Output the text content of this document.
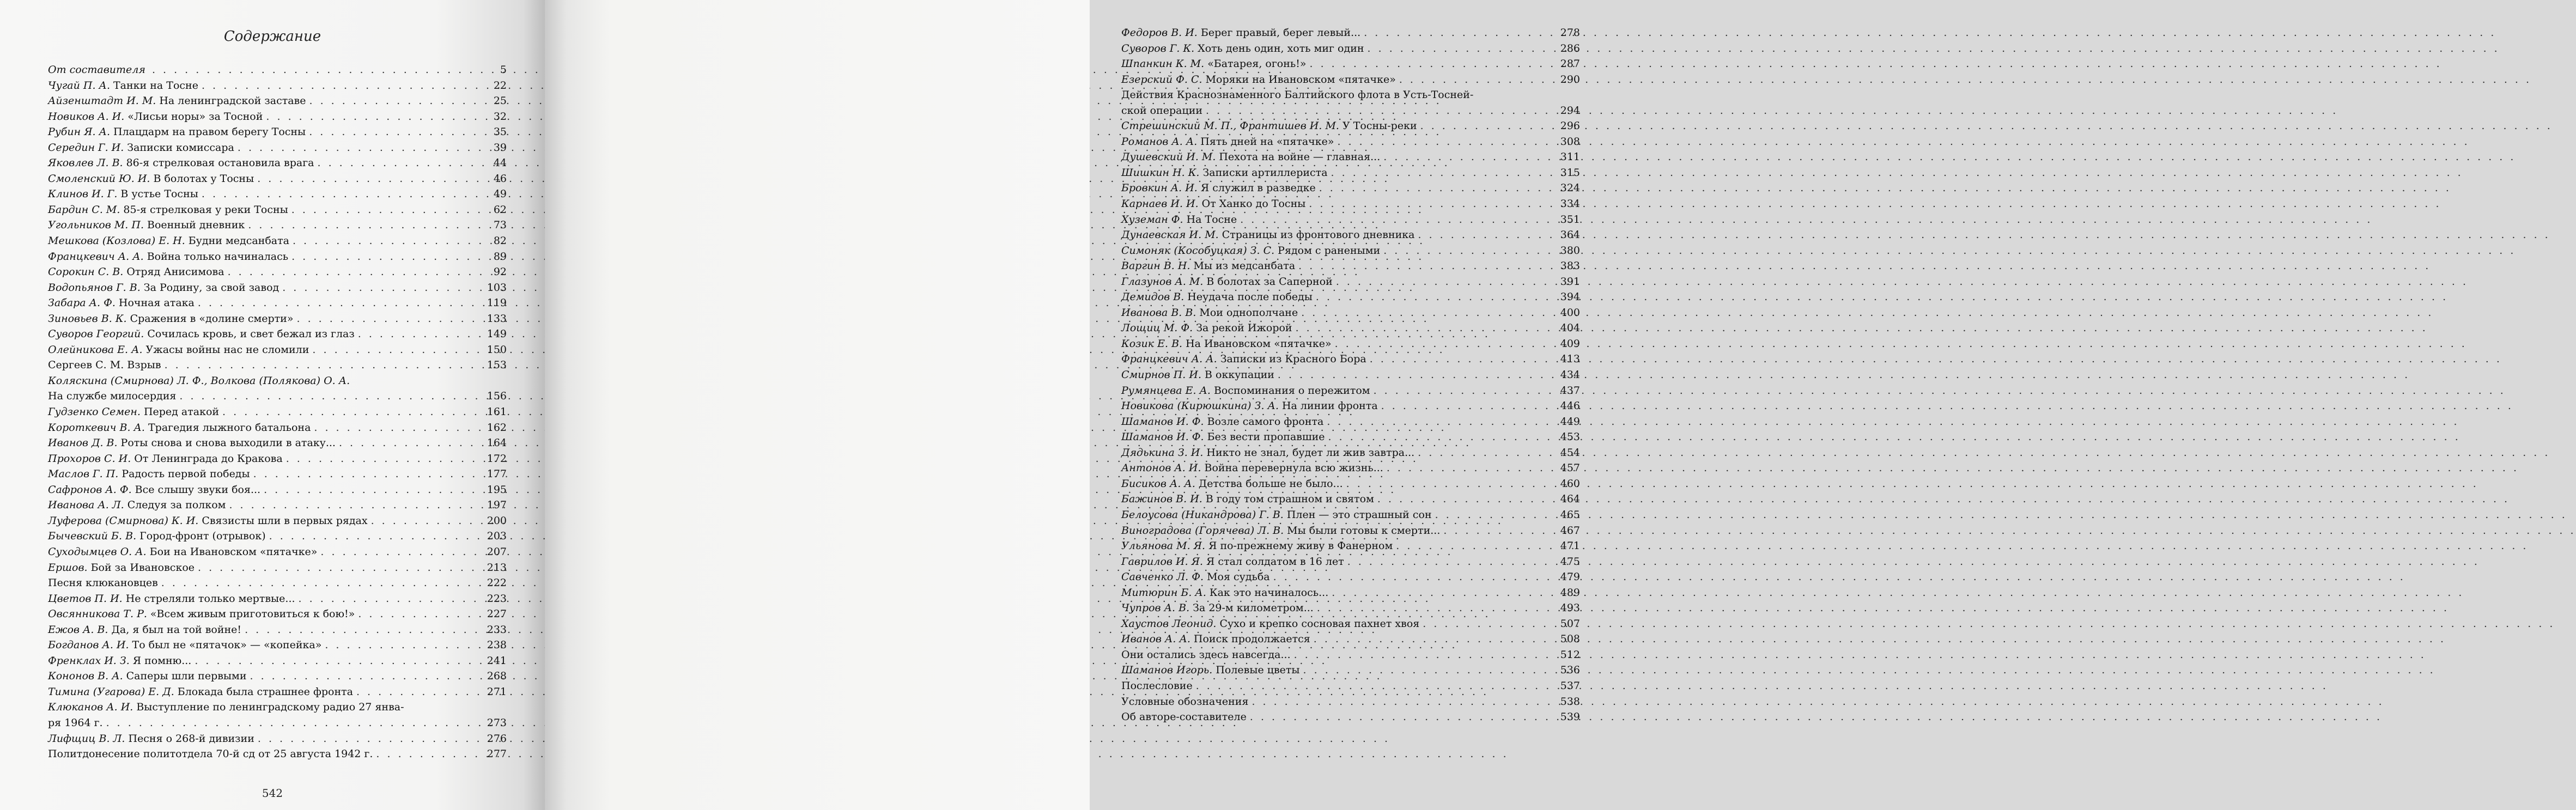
Содержание
От составителя . . .	5
Чугай П. А. Танки на Тосне . . .	22
Айзенштадт И. М. На ленинградской заставе . . .	25
Новиков А. И. «Лисьи норы» за Тосной . . .	32
Рубин Я. А. Плацдарм на правом берегу Тосны . . .	35
Середин Г. И. Записки комиссара . . .	39
Яковлев Л. В. 86-я стрелковая остановила врага . . .	44
Смоленский Ю. И. В болотах у Тосны . . .	46
Клинов И. Г. В устье Тосны . . .	49
Бардин С. М. 85-я стрелковая у реки Тосны . . .	62
Угольников М. П. Военный дневник . . .	73
Мешкова (Козлова) Е. Н. Будни медсанбата . . .	82
Францкевич А. А. Война только начиналась . . .	89
Сорокин С. В. Отряд Анисимова . . .	92
Водопьянов Г. В. За Родину, за свой завод . . .	103
Забара А. Ф. Ночная атака . . .	119
Зиновьев В. К. Сражения в «долине смерти» . . .	133
Суворов Георгий. Сочилась кровь, и свет бежал из глаз . . .	149
Олейникова Е. А. Ужасы войны нас не сломили . . .	150
Сергеев С. М. Взрыв . . .	153
Коляскина (Смирнова) Л. Ф., Волкова (Полякова) О. А.
На службе милосердия . . .	156
Гудзенко Семен. Перед атакой . . .	161
Короткевич В. А. Трагедия лыжного батальона . . .	162
Иванов Д. В. Роты снова и снова выходили в атаку... . . .	164
Прохоров С. И. От Ленинграда до Кракова . . .	172
Маслов Г. П. Радость первой победы . . .	177
Сафронов А. Ф. Все слышу звуки боя... . . .	195
Иванова А. Л. Следуя за полком . . .	197
Луферова (Смирнова) К. И. Связисты шли в первых рядах . . .	200
Бычевский Б. В. Город-фронт (отрывок) . . .	203
Суходымцев О. А. Бои на Ивановском «пятачке» . . .	207
Ершов. Бой за Ивановское . . .	213
Песня клюкановцев . . .	222
Цветов П. И. Не стреляли только мертвые... . . .	223
Овсянникова Т. Р. «Всем живым приготовиться к бою!» . . .	227
Ежов А. В. Да, я был на той войне! . . .	233
Богданов А. И. То был не «пятачок» — «копейка» . . .	238
Френклах И. З. Я помню... . . .	241
Кононов В. А. Саперы шли первыми . . .	268
Тимина (Угарова) Е. Д. Блокада была страшнее фронта . . .	271
Клюканов А. И. Выступление по ленинградскому радио 27 янва-
ря 1964 г. . . .	273
Лифщиц В. Л. Песня о 268-й дивизии . . .	276
Политдонесение политотдела 70-й сд от 25 августа 1942 г. . . .	277
542
Федоров В. И. Берег правый, берег левый... . . .	278
Суворов Г. К. Хоть день один, хоть миг один . . .	286
Шпанкин К. М. «Батарея, огонь!» . . .	287
Езерский Ф. С. Моряки на Ивановском «пятачке» . . .	290
Действия Краснознаменного Балтийского флота в Усть-Тосней-
ской операции . . .	294
Стрешинский М. П., Франтишев И. М. У Тосны-реки . . .	296
Романов А. А. Пять дней на «пятачке» . . .	308
Душевский И. М. Пехота на войне — главная... . . .	311
Шишкин Н. К. Записки артиллериста . . .	315
Бровкин А. И. Я служил в разведке . . .	324
Карнаев И. И. От Ханко до Тосны . . .	334
Хуземан Ф. На Тосне . . .	351
Дунаевская И. М. Страницы из фронтового дневника . . .	364
Симоняк (Кособуцкая) З. С. Рядом с ранеными . . .	380
Варгин В. Н. Мы из медсанбата . . .	383
Глазунов А. М. В болотах за Саперной . . .	391
Демидов В. Неудача после победы . . .	394
Иванова В. В. Мои однополчане . . .	400
Лощиц М. Ф. За рекой Ижорой . . .	404
Козик Е. В. На Ивановском «пятачке» . . .	409
Францкевич А. А. Записки из Красного Бора . . .	413
Смирнов П. И. В оккупации . . .	434
Румянцева Е. А. Воспоминания о пережитом . . .	437
Новикова (Кирюшкина) З. А. На линии фронта . . .	446
Шаманов И. Ф. Возле самого фронта . . .	449
Шаманов И. Ф. Без вести пропавшие . . .	453
Дядькина З. И. Никто не знал, будет ли жив завтра... . . .	454
Антонов А. И. Война перевернула всю жизнь... . . .	457
Бисиков А. А. Детства больше не было... . . .	460
Бажинов В. И. В году том страшном и святом . . .	464
Белоусова (Никандрова) Г. В. Плен — это страшный сон . . .	465
Виноградова (Горячева) Л. В. Мы были готовы к смерти... . . .	467
Ульянова М. Я. Я по-прежнему живу в Фанерном . . .	471
Гаврилов И. Я. Я стал солдатом в 16 лет . . .	475
Савченко Л. Ф. Моя судьба . . .	479
Митюрин Б. А. Как это начиналось... . . .	489
Чупров А. В. За 29-м километром... . . .	493
Хаустов Леонид. Сухо и крепко сосновая пахнет хвоя . . .	507
Иванов А. А. Поиск продолжается . . .	508
Они остались здесь навсегда... . . .	512
Шаманов Игорь. Полевые цветы . . .	536
Послесловие . . .	537
Условные обозначения . . .	538
Об авторе-составителе . . .	539
